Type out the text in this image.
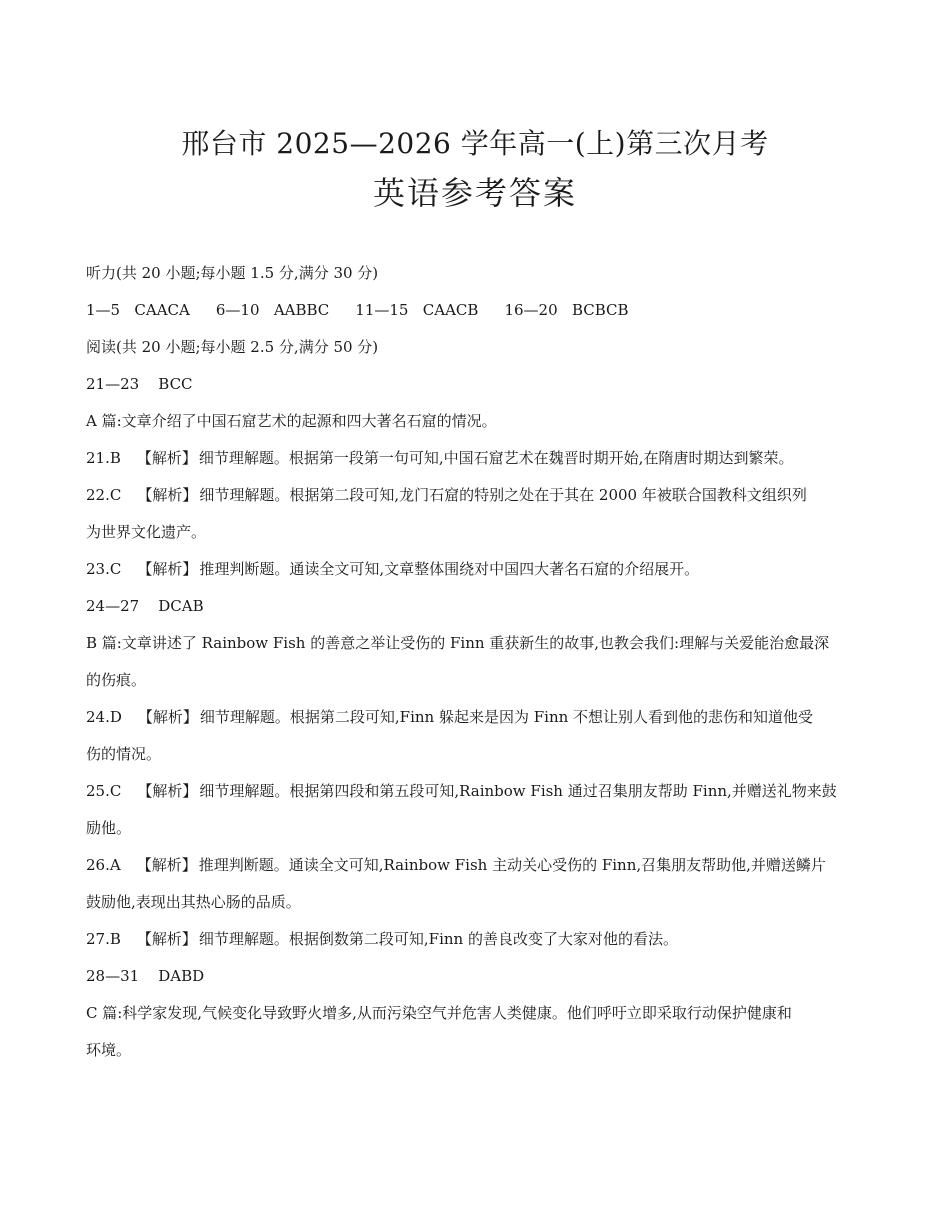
邢台市 2025—2026 学年高一(上)第三次月考
英语参考答案
听力(共 20 小题;每小题 1.5 分,满分 30 分)
1—5 CAACA 6—10 AABBC 11—15 CAACB 16—20 BCBCB
阅读(共 20 小题;每小题 2.5 分,满分 50 分)
21—23 BCC
A 篇:文章介绍了中国石窟艺术的起源和四大著名石窟的情况。
21.B 【解析】 细节理解题。根据第一段第一句可知,中国石窟艺术在魏晋时期开始,在隋唐时期达到繁荣。
22.C 【解析】 细节理解题。根据第二段可知,龙门石窟的特别之处在于其在 2000 年被联合国教科文组织列
为世界文化遗产。
23.C 【解析】 推理判断题。通读全文可知,文章整体围绕对中国四大著名石窟的介绍展开。
24—27 DCAB
B 篇:文章讲述了 Rainbow Fish 的善意之举让受伤的 Finn 重获新生的故事,也教会我们:理解与关爱能治愈最深
的伤痕。
24.D 【解析】 细节理解题。根据第二段可知,Finn 躲起来是因为 Finn 不想让别人看到他的悲伤和知道他受
伤的情况。
25.C 【解析】 细节理解题。根据第四段和第五段可知,Rainbow Fish 通过召集朋友帮助 Finn,并赠送礼物来鼓
励他。
26.A 【解析】 推理判断题。通读全文可知,Rainbow Fish 主动关心受伤的 Finn,召集朋友帮助他,并赠送鳞片
鼓励他,表现出其热心肠的品质。
27.B 【解析】 细节理解题。根据倒数第二段可知,Finn 的善良改变了大家对他的看法。
28—31 DABD
C 篇:科学家发现,气候变化导致野火增多,从而污染空气并危害人类健康。他们呼吁立即采取行动保护健康和
环境。
